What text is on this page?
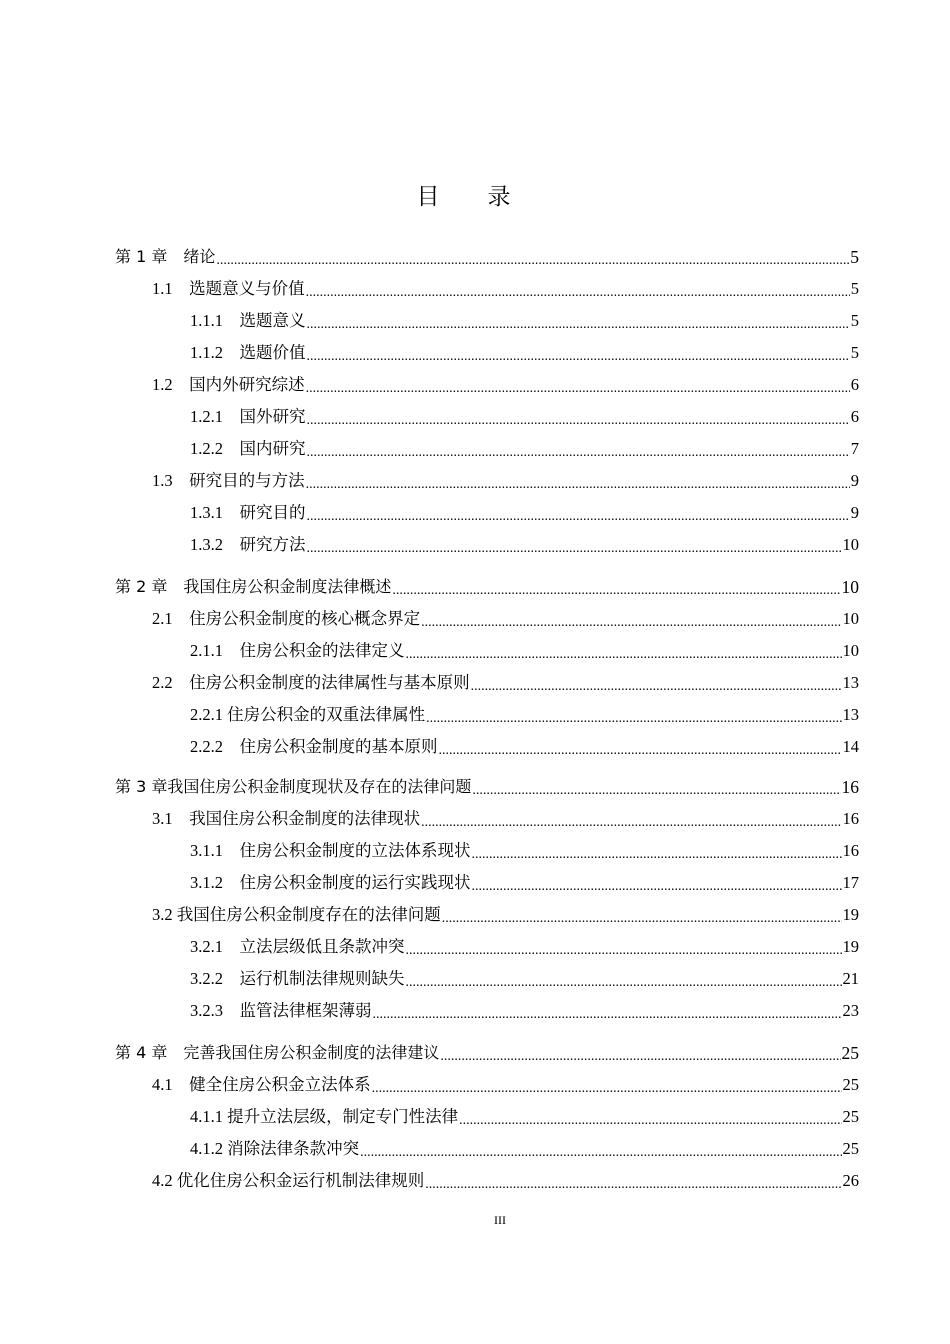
目录
第 1 章　绪论 .....	5
1.1　选题意义与价值 .....	5
1.1.1　选题意义 .....	5
1.1.2　选题价值 .....	5
1.2　国内外研究综述 .....	6
1.2.1　国外研究 .....	6
1.2.2　国内研究 .....	7
1.3　研究目的与方法 .....	9
1.3.1　研究目的 .....	9
1.3.2　研究方法 .....	10
第 2 章　我国住房公积金制度法律概述 .....	10
2.1　住房公积金制度的核心概念界定 .....	10
2.1.1　住房公积金的法律定义 .....	10
2.2　住房公积金制度的法律属性与基本原则 .....	13
2.2.1 住房公积金的双重法律属性 .....	13
2.2.2　住房公积金制度的基本原则 .....	14
第 3 章我国住房公积金制度现状及存在的法律问题 .....	16
3.1　我国住房公积金制度的法律现状 .....	16
3.1.1　住房公积金制度的立法体系现状 .....	16
3.1.2　住房公积金制度的运行实践现状 .....	17
3.2 我国住房公积金制度存在的法律问题 .....	19
3.2.1　立法层级低且条款冲突 .....	19
3.2.2　运行机制法律规则缺失 .....	21
3.2.3　监管法律框架薄弱 .....	23
第 4 章　完善我国住房公积金制度的法律建议 .....	25
4.1　健全住房公积金立法体系 .....	25
4.1.1 提升立法层级，制定专门性法律 .....	25
4.1.2 消除法律条款冲突 .....	25
4.2 优化住房公积金运行机制法律规则 .....	26
III
